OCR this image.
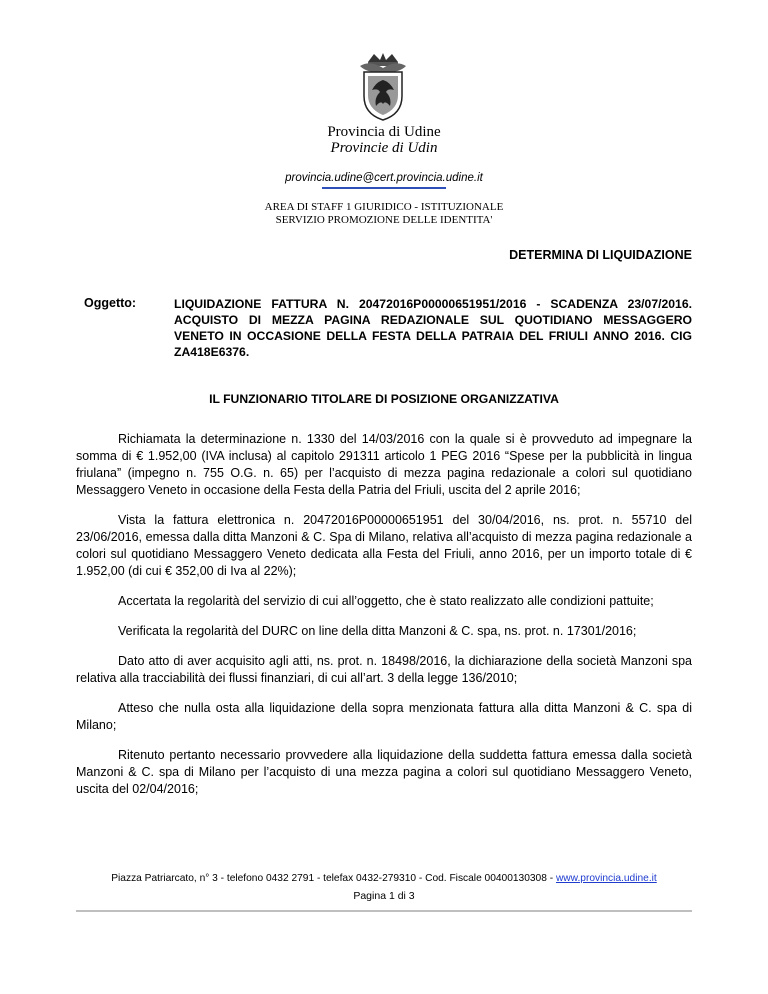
Provincia di Udine
Provincie di Udin
provincia.udine@cert.provincia.udine.it
AREA DI STAFF 1 GIURIDICO - ISTITUZIONALE
SERVIZIO PROMOZIONE DELLE IDENTITA'
DETERMINA DI LIQUIDAZIONE
Oggetto:	LIQUIDAZIONE FATTURA N. 20472016P00000651951/2016 - SCADENZA 23/07/2016. ACQUISTO DI MEZZA PAGINA REDAZIONALE SUL QUOTIDIANO MESSAGGERO VENETO IN OCCASIONE DELLA FESTA DELLA PATRAIA DEL FRIULI ANNO 2016. CIG ZA418E6376.
IL FUNZIONARIO TITOLARE DI POSIZIONE ORGANIZZATIVA

Richiamata la determinazione n. 1330 del 14/03/2016 con la quale si è provveduto ad impegnare la somma di € 1.952,00 (IVA inclusa) al capitolo 291311 articolo 1 PEG 2016 “Spese per la pubblicità in lingua friulana” (impegno n. 755 O.G. n. 65) per l’acquisto di mezza pagina redazionale a colori sul quotidiano Messaggero Veneto in occasione della Festa della Patria del Friuli, uscita del 2 aprile 2016;

Vista la fattura elettronica n. 20472016P00000651951 del 30/04/2016, ns. prot. n. 55710 del 23/06/2016, emessa dalla ditta Manzoni & C. Spa di Milano, relativa all’acquisto di mezza pagina redazionale a colori sul quotidiano Messaggero Veneto dedicata alla Festa del Friuli, anno 2016, per un importo totale di € 1.952,00 (di cui € 352,00 di Iva al 22%);

Accertata la regolarità del servizio di cui all’oggetto, che è stato realizzato alle condizioni pattuite;

Verificata la regolarità del DURC on line della ditta Manzoni & C. spa, ns. prot. n. 17301/2016;

Dato atto di aver acquisito agli atti, ns. prot. n. 18498/2016, la dichiarazione della società Manzoni spa relativa alla tracciabilità dei flussi finanziari, di cui all’art. 3 della legge 136/2010;

Atteso che nulla osta alla liquidazione della sopra menzionata fattura alla ditta Manzoni & C. spa di Milano;

Ritenuto pertanto necessario provvedere alla liquidazione della suddetta fattura emessa dalla società Manzoni & C. spa di Milano per l’acquisto di una mezza pagina a colori sul quotidiano Messaggero Veneto, uscita del 02/04/2016;

Piazza Patriarcato, n° 3 - telefono 0432 2791 - telefax 0432-279310 - Cod. Fiscale 00400130308 - www.provincia.udine.it
Pagina 1 di 3
